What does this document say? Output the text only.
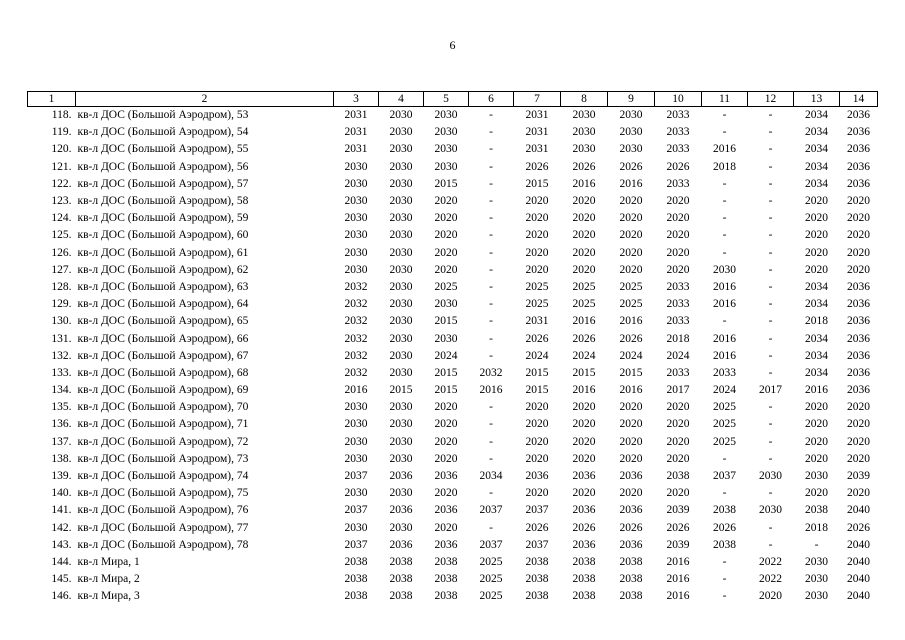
6
1	2	3	4	5	6	7	8	9	10	11	12	13	14
118.	кв-л ДОС (Большой Аэродром), 53	2031	2030	2030	-	2031	2030	2030	2033	-	-	2034	2036
119.	кв-л ДОС (Большой Аэродром), 54	2031	2030	2030	-	2031	2030	2030	2033	-	-	2034	2036
120.	кв-л ДОС (Большой Аэродром), 55	2031	2030	2030	-	2031	2030	2030	2033	2016	-	2034	2036
121.	кв-л ДОС (Большой Аэродром), 56	2030	2030	2030	-	2026	2026	2026	2026	2018	-	2034	2036
122.	кв-л ДОС (Большой Аэродром), 57	2030	2030	2015	-	2015	2016	2016	2033	-	-	2034	2036
123.	кв-л ДОС (Большой Аэродром), 58	2030	2030	2020	-	2020	2020	2020	2020	-	-	2020	2020
124.	кв-л ДОС (Большой Аэродром), 59	2030	2030	2020	-	2020	2020	2020	2020	-	-	2020	2020
125.	кв-л ДОС (Большой Аэродром), 60	2030	2030	2020	-	2020	2020	2020	2020	-	-	2020	2020
126.	кв-л ДОС (Большой Аэродром), 61	2030	2030	2020	-	2020	2020	2020	2020	-	-	2020	2020
127.	кв-л ДОС (Большой Аэродром), 62	2030	2030	2020	-	2020	2020	2020	2020	2030	-	2020	2020
128.	кв-л ДОС (Большой Аэродром), 63	2032	2030	2025	-	2025	2025	2025	2033	2016	-	2034	2036
129.	кв-л ДОС (Большой Аэродром), 64	2032	2030	2030	-	2025	2025	2025	2033	2016	-	2034	2036
130.	кв-л ДОС (Большой Аэродром), 65	2032	2030	2015	-	2031	2016	2016	2033	-	-	2018	2036
131.	кв-л ДОС (Большой Аэродром), 66	2032	2030	2030	-	2026	2026	2026	2018	2016	-	2034	2036
132.	кв-л ДОС (Большой Аэродром), 67	2032	2030	2024	-	2024	2024	2024	2024	2016	-	2034	2036
133.	кв-л ДОС (Большой Аэродром), 68	2032	2030	2015	2032	2015	2015	2015	2033	2033	-	2034	2036
134.	кв-л ДОС (Большой Аэродром), 69	2016	2015	2015	2016	2015	2016	2016	2017	2024	2017	2016	2036
135.	кв-л ДОС (Большой Аэродром), 70	2030	2030	2020	-	2020	2020	2020	2020	2025	-	2020	2020
136.	кв-л ДОС (Большой Аэродром), 71	2030	2030	2020	-	2020	2020	2020	2020	2025	-	2020	2020
137.	кв-л ДОС (Большой Аэродром), 72	2030	2030	2020	-	2020	2020	2020	2020	2025	-	2020	2020
138.	кв-л ДОС (Большой Аэродром), 73	2030	2030	2020	-	2020	2020	2020	2020	-	-	2020	2020
139.	кв-л ДОС (Большой Аэродром), 74	2037	2036	2036	2034	2036	2036	2036	2038	2037	2030	2030	2039
140.	кв-л ДОС (Большой Аэродром), 75	2030	2030	2020	-	2020	2020	2020	2020	-	-	2020	2020
141.	кв-л ДОС (Большой Аэродром), 76	2037	2036	2036	2037	2037	2036	2036	2039	2038	2030	2038	2040
142.	кв-л ДОС (Большой Аэродром), 77	2030	2030	2020	-	2026	2026	2026	2026	2026	-	2018	2026
143.	кв-л ДОС (Большой Аэродром), 78	2037	2036	2036	2037	2037	2036	2036	2039	2038	-	-	2040
144.	кв-л Мира, 1	2038	2038	2038	2025	2038	2038	2038	2016	-	2022	2030	2040
145.	кв-л Мира, 2	2038	2038	2038	2025	2038	2038	2038	2016	-	2022	2030	2040
146.	кв-л Мира, 3	2038	2038	2038	2025	2038	2038	2038	2016	-	2020	2030	2040
